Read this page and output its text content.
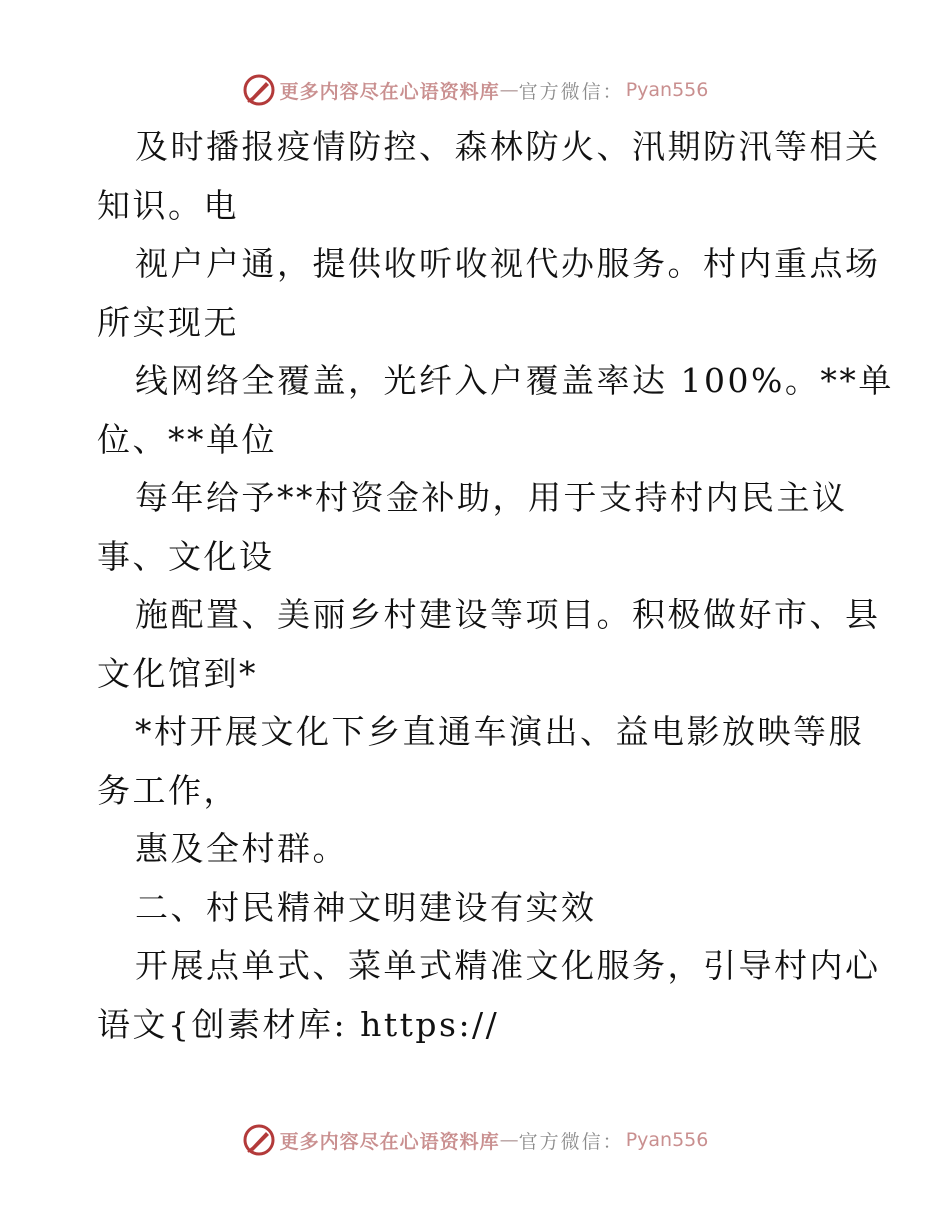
更多内容尽在心语资料库 — 官方微信： Pyan556
及时播报疫情防控、森林防火、汛期防汛等相关
知识。电
视户户通，提供收听收视代办服务。村内重点场
所实现无
线网络全覆盖，光纤入户覆盖率达 100%。**单
位、**单位
每年给予**村资金补助，用于支持村内民主议
事、文化设
施配置、美丽乡村建设等项目。积极做好市、县
文化馆到*
*村开展文化下乡直通车演出、益电影放映等服
务工作，
惠及全村群。
二、村民精神文明建设有实效
开展点单式、菜单式精准文化服务，引导村内心
语文{创素材库: https://
更多内容尽在心语资料库 — 官方微信： Pyan556
